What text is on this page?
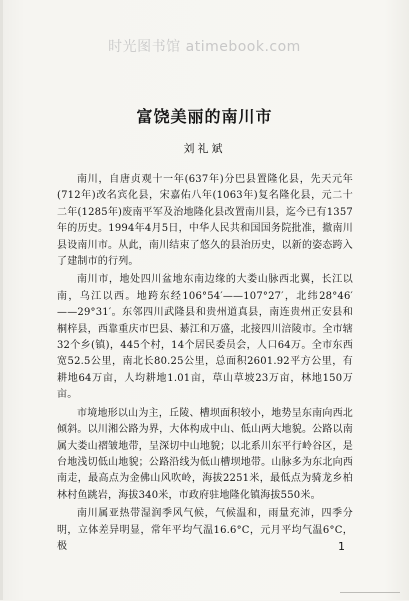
时光图书馆 atimebook.com
富饶美丽的南川市
刘礼斌

南川，自唐贞观十一年(637年)分巴县置隆化县，先天元年(712年)改名宾化县，宋嘉佑八年(1063年)复名隆化县，元二十二年(1285年)废南平军及治地隆化县改置南川县，迄今已有1357年的历史。1994年4月5日，中华人民共和国国务院批准，撤南川县设南川市。从此，南川结束了悠久的县治历史，以新的姿态跨入了建制市的行列。

南川市，地处四川盆地东南边缘的大娄山脉西北翼，长江以南，乌江以西。地跨东经106°54′——107°27′，北纬28°46′——29°31′。东邻四川武隆县和贵州道真县，南连贵州正安县和桐梓县，西靠重庆市巴县、綦江和万盛，北接四川涪陵市。全市辖32个乡(镇)，445个村，14个居民委员会，人口64万。全市东西宽52.5公里，南北长80.25公里，总面积2601.92平方公里，有耕地64万亩，人均耕地1.01亩，草山草坡23万亩，林地150万亩。

市境地形以山为主，丘陵、槽坝面积较小，地势呈东南向西北倾斜。以川湘公路为界，大体构成中山、低山两大地貌。公路以南属大娄山褶皱地带，呈深切中山地貌；以北系川东平行岭谷区，是台地浅切低山地貌；公路沿线为低山槽坝地带。山脉多为东北向西南走，最高点为金佛山风吹岭，海拔2251米，最低点为骑龙乡柏林村鱼跳岩，海拔340米，市政府驻地隆化镇海拔550米。

南川属亚热带湿润季风气候，气候温和，雨量充沛，四季分明，立体差异明显，常年平均气温16.6°C，元月平均气温6°C，极	1
